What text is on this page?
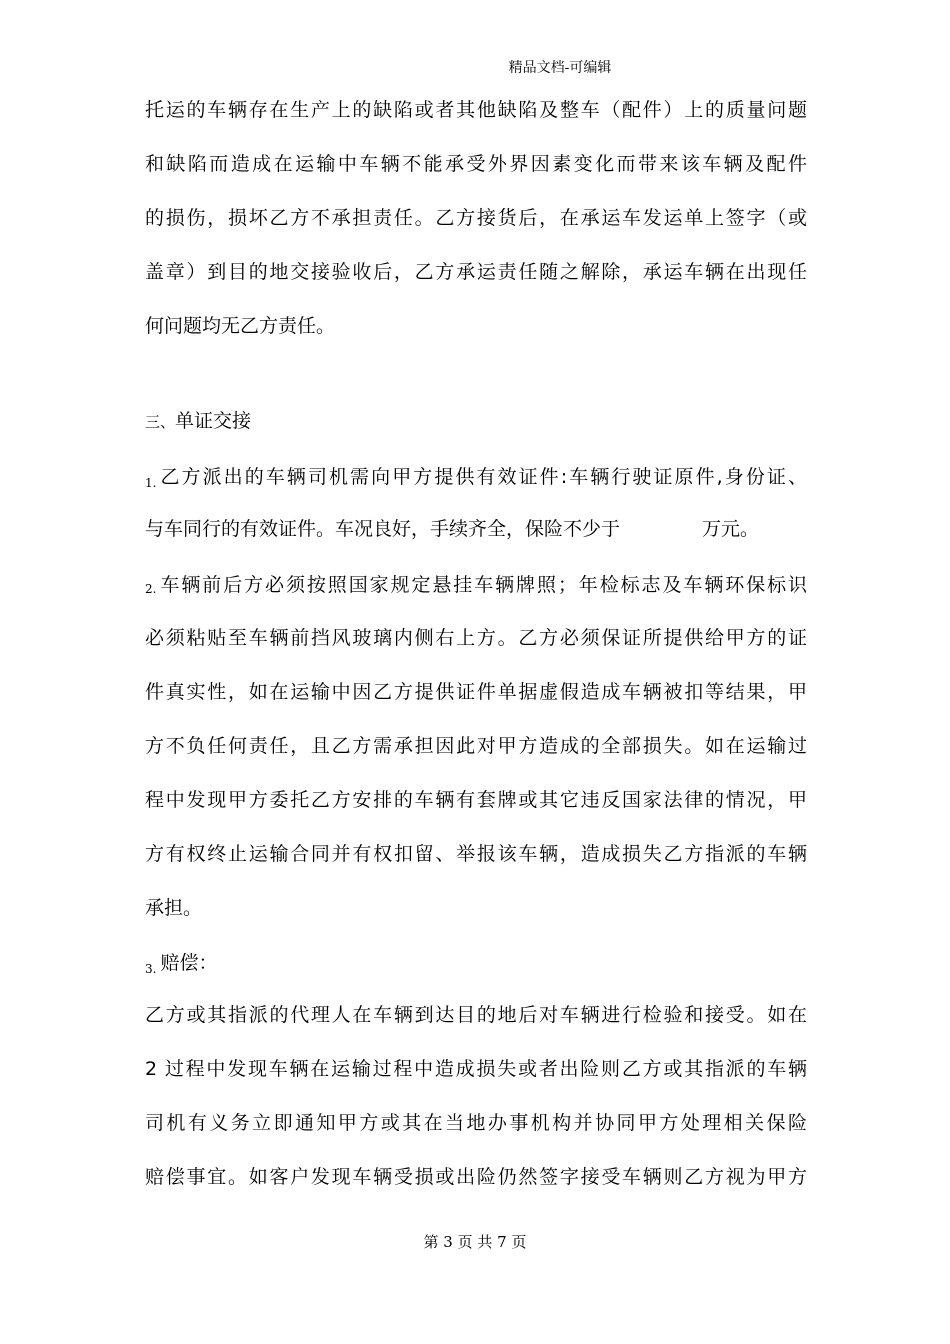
精品文档-可编辑
托运的车辆存在生产上的缺陷或者其他缺陷及整车（配件）上的质量问题
和缺陷而造成在运输中车辆不能承受外界因素变化而带来该车辆及配件
的损伤，损坏乙方不承担责任。乙方接货后，在承运车发运单上签字（或
盖章）到目的地交接验收后，乙方承运责任随之解除，承运车辆在出现任
何问题均无乙方责任。
三、单证交接
$_{1.}$ 乙方派出的车辆司机需向甲方提供有效证件:车辆行驶证原件,身份证、
与车同行的有效证件。车况良好，手续齐全，保险不少于	万元。
2. 车辆前后方必须按照国家规定悬挂车辆牌照；年检标志及车辆环保标识
必须粘贴至车辆前挡风玻璃内侧右上方。乙方必须保证所提供给甲方的证
件真实性，如在运输中因乙方提供证件单据虚假造成车辆被扣等结果，甲
方不负任何责任，且乙方需承担因此对甲方造成的全部损失。如在运输过
程中发现甲方委托乙方安排的车辆有套牌或其它违反国家法律的情况，甲
方有权终止运输合同并有权扣留、举报该车辆，造成损失乙方指派的车辆
承担。
$_{3.}$ 赔偿：
乙方或其指派的代理人在车辆到达目的地后对车辆进行检验和接受。如在
2 过程中发现车辆在运输过程中造成损失或者出险则乙方或其指派的车辆
司机有义务立即通知甲方或其在当地办事机构并协同甲方处理相关保险
赔偿事宜。如客户发现车辆受损或出险仍然签字接受车辆则乙方视为甲方
第 3 页 共 7 页
